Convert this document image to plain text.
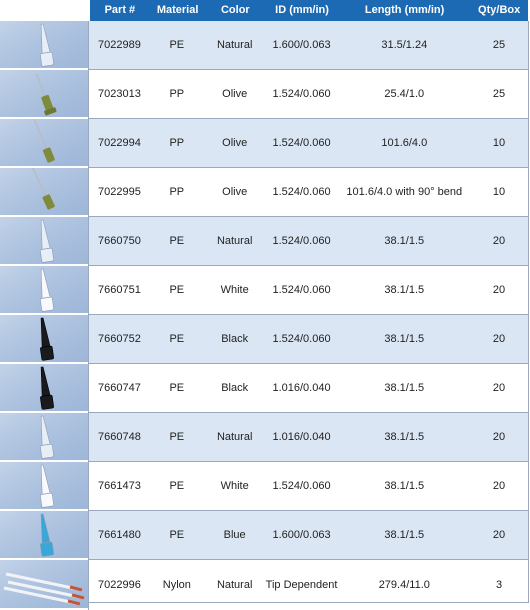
Part #	Material	Color	ID (mm/in)	Length (mm/in)	Qty/Box
7022989	PE	Natural	1.600/0.063	31.5/1.24	25
7023013	PP	Olive	1.524/0.060	25.4/1.0	25
7022994	PP	Olive	1.524/0.060	101.6/4.0	10
7022995	PP	Olive	1.524/0.060	101.6/4.0 with 90° bend	10
7660750	PE	Natural	1.524/0.060	38.1/1.5	20
7660751	PE	White	1.524/0.060	38.1/1.5	20
7660752	PE	Black	1.524/0.060	38.1/1.5	20
7660747	PE	Black	1.016/0.040	38.1/1.5	20
7660748	PE	Natural	1.016/0.040	38.1/1.5	20
7661473	PE	White	1.524/0.060	38.1/1.5	20
7661480	PE	Blue	1.600/0.063	38.1/1.5	20
7022996	Nylon	Natural	Tip Dependent	279.4/11.0	3
